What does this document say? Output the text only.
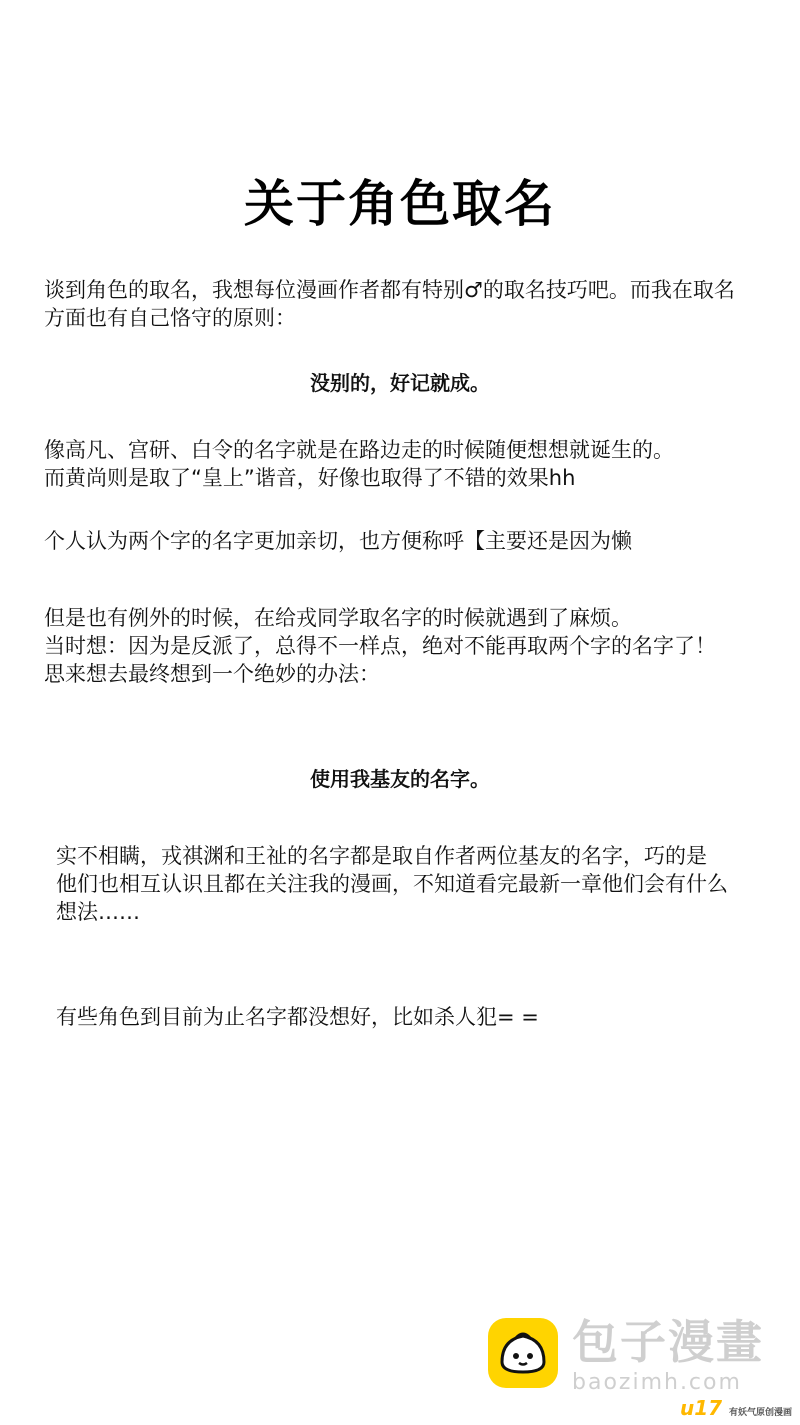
关于角色取名
谈到角色的取名，我想每位漫画作者都有特别♂的取名技巧吧。而我在取名
方面也有自己恪守的原则：
没别的，好记就成。
像高凡、宫研、白令的名字就是在路边走的时候随便想想就诞生的。
而黄尚则是取了“皇上”谐音，好像也取得了不错的效果hh
个人认为两个字的名字更加亲切，也方便称呼【主要还是因为懒
但是也有例外的时候，在给戎同学取名字的时候就遇到了麻烦。
当时想：因为是反派了，总得不一样点，绝对不能再取两个字的名字了！
思来想去最终想到一个绝妙的办法：
使用我基友的名字。
实不相瞒，戎祺渊和王祉的名字都是取自作者两位基友的名字，巧的是
他们也相互认识且都在关注我的漫画，不知道看完最新一章他们会有什么
想法……
有些角色到目前为止名字都没想好，比如杀人犯= =
包子漫畫
baozimh.com
u17 有妖气原创漫画
